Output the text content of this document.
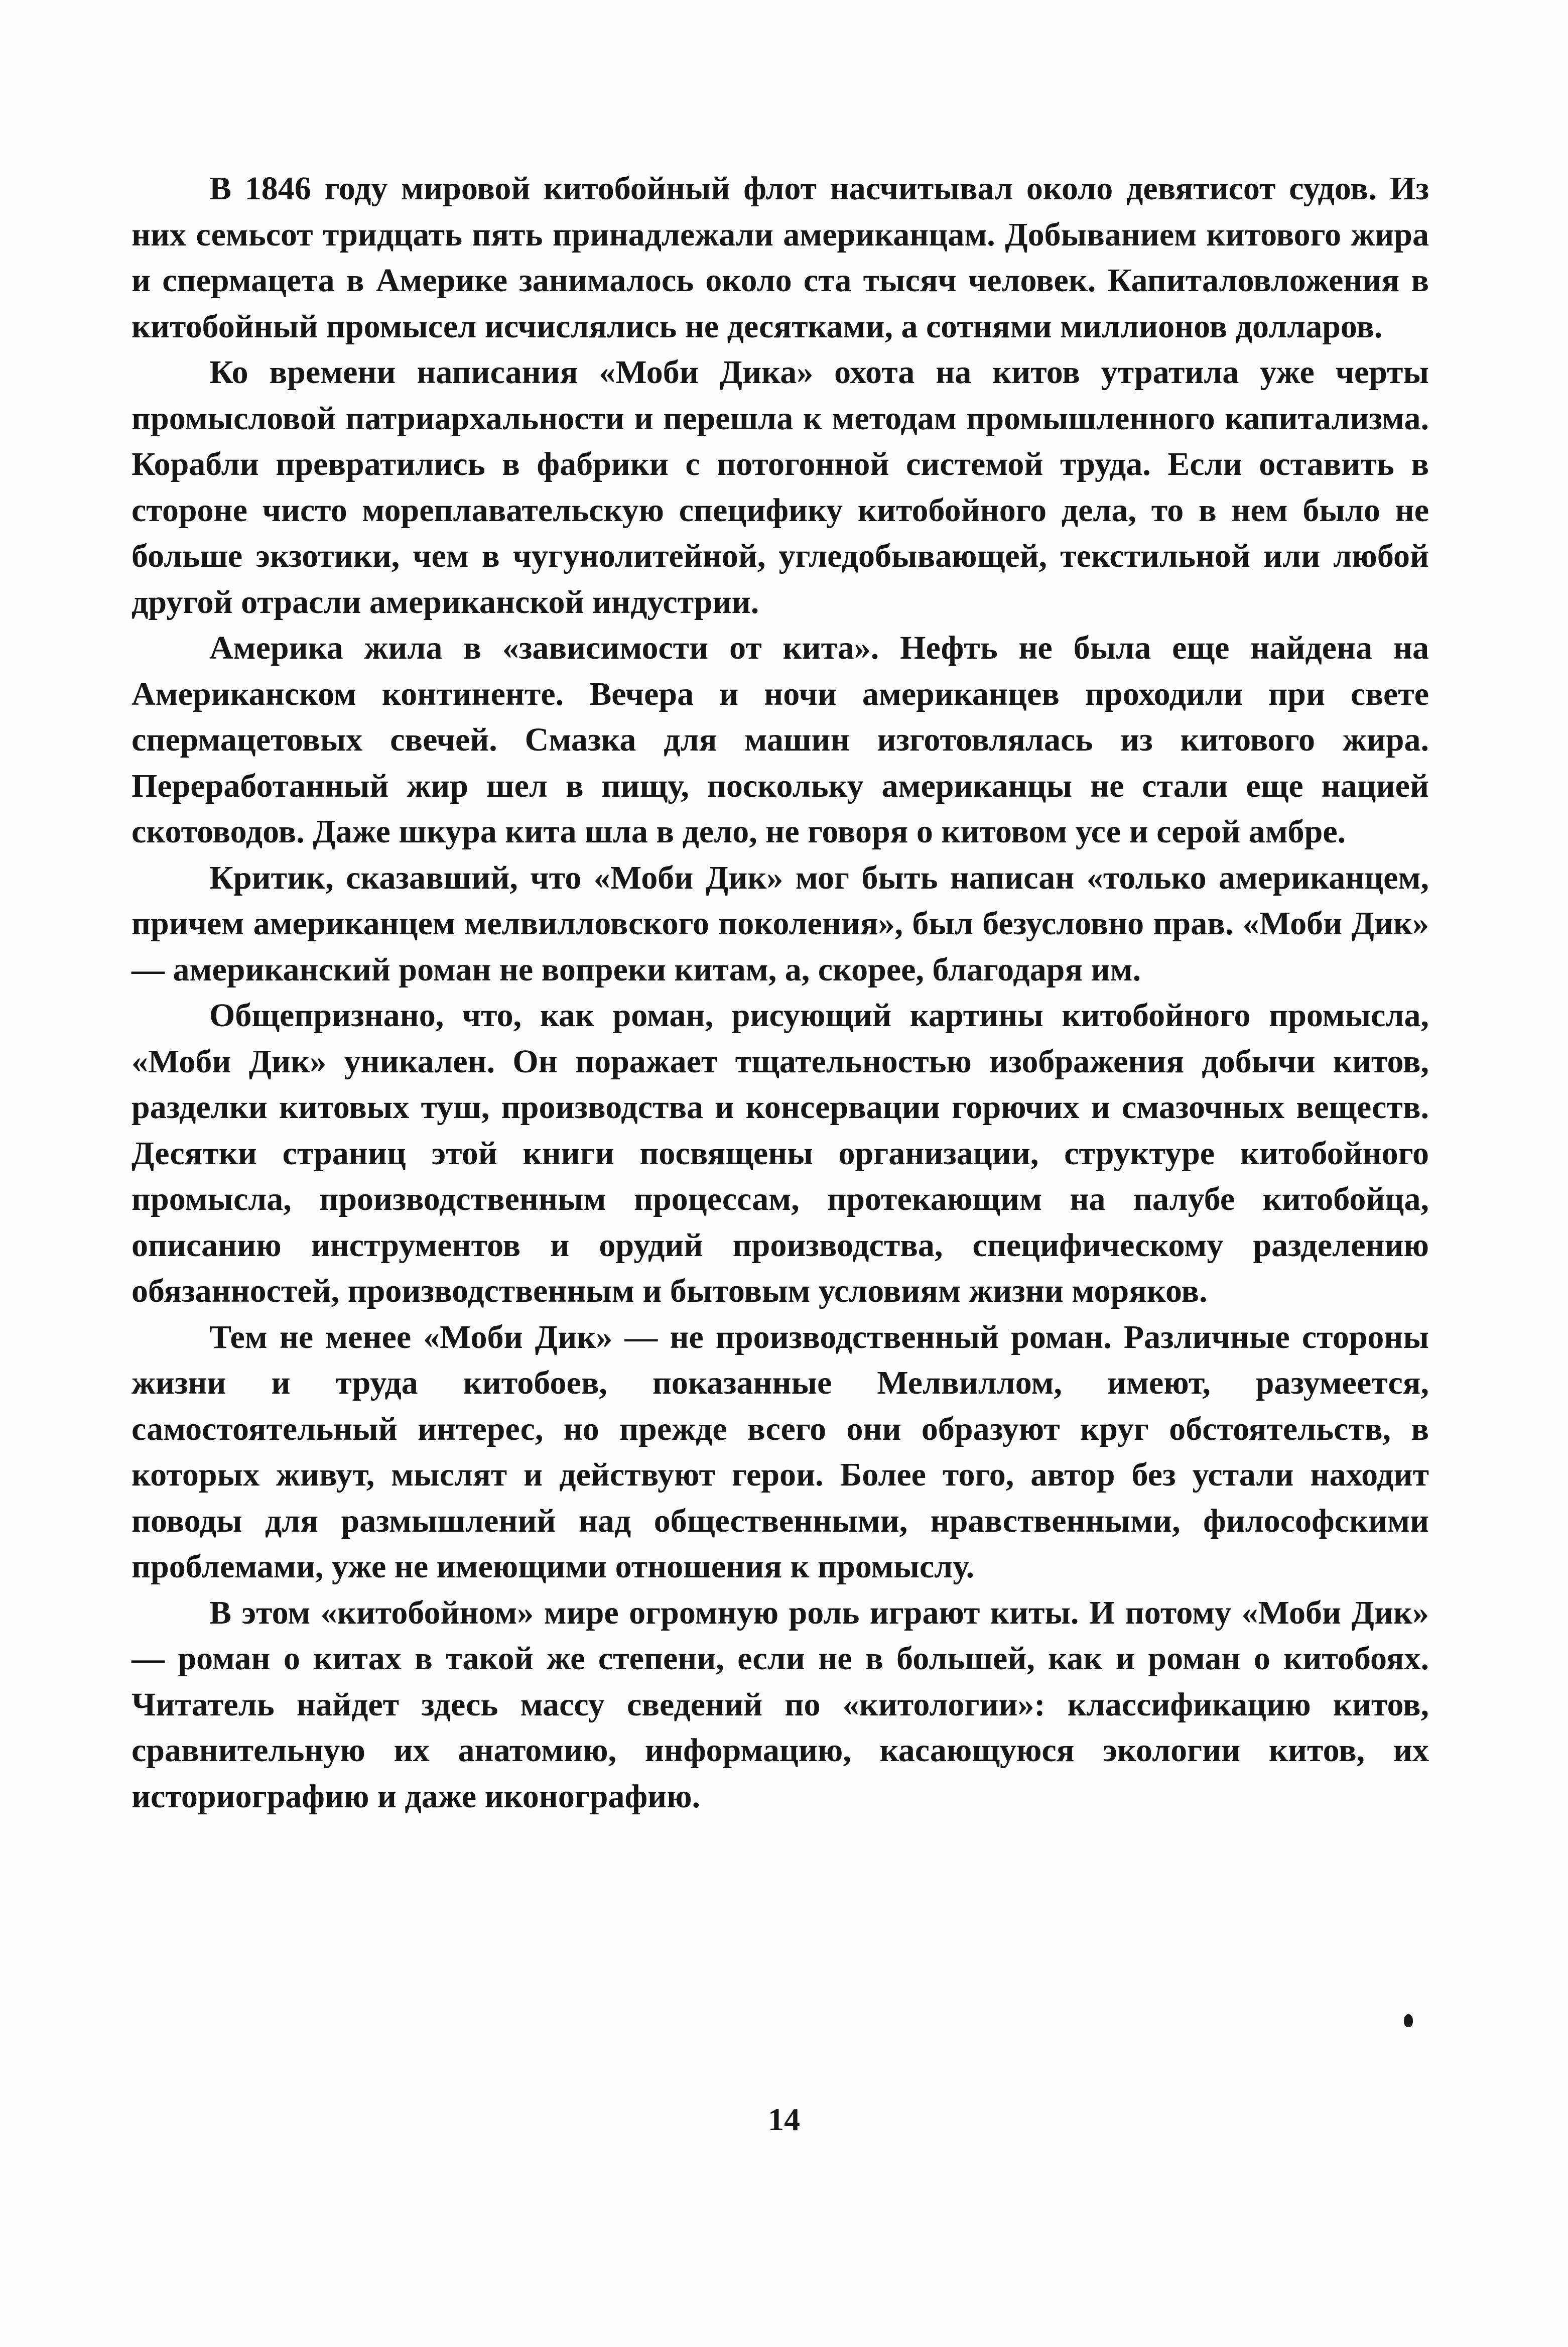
В 1846 году мировой китобойный флот насчитывал около девятисот судов. Из них семьсот тридцать пять принадлежали американцам. Добыванием китового жира и спермацета в Америке занималось около ста тысяч человек. Капиталовложения в китобойный промысел исчислялись не десятками, а сотнями миллионов долларов.

Ко времени написания «Моби Дика» охота на китов утратила уже черты промысловой патриархальности и перешла к методам промышленного капитализма. Корабли превратились в фабрики с потогонной системой труда. Если оставить в стороне чисто мореплавательскую специфику китобойного дела, то в нем было не больше экзотики, чем в чугунолитейной, угледобывающей, текстильной или любой другой отрасли американской индустрии.

Америка жила в «зависимости от кита». Нефть не была еще найдена на Американском континенте. Вечера и ночи американцев проходили при свете спермацетовых свечей. Смазка для машин изготовлялась из китового жира. Переработанный жир шел в пищу, поскольку американцы не стали еще нацией скотоводов. Даже шкура кита шла в дело, не говоря о китовом усе и серой амбре.

Критик, сказавший, что «Моби Дик» мог быть написан «только американцем, причем американцем мелвилловского поколения», был безусловно прав. «Моби Дик» — американский роман не вопреки китам, а, скорее, благодаря им.

Общепризнано, что, как роман, рисующий картины китобойного промысла, «Моби Дик» уникален. Он поражает тщательностью изображения добычи китов, разделки китовых туш, производства и консервации горючих и смазочных веществ. Десятки страниц этой книги посвящены организации, структуре китобойного промысла, производственным процессам, протекающим на палубе китобойца, описанию инструментов и орудий производства, специфическому разделению обязанностей, производственным и бытовым условиям жизни моряков.

Тем не менее «Моби Дик» — не производственный роман. Различные стороны жизни и труда китобоев, показанные Мелвиллом, имеют, разумеется, самостоятельный интерес, но прежде всего они образуют круг обстоятельств, в которых живут, мыслят и действуют герои. Более того, автор без устали находит поводы для размышлений над общественными, нравственными, философскими проблемами, уже не имеющими отношения к промыслу.

В этом «китобойном» мире огромную роль играют киты. И потому «Моби Дик» — роман о китах в такой же степени, если не в большей, как и роман о китобоях. Читатель найдет здесь массу сведений по «китологии»: классификацию китов, сравнительную их анатомию, информацию, касающуюся экологии китов, их историографию и даже иконографию.

14
